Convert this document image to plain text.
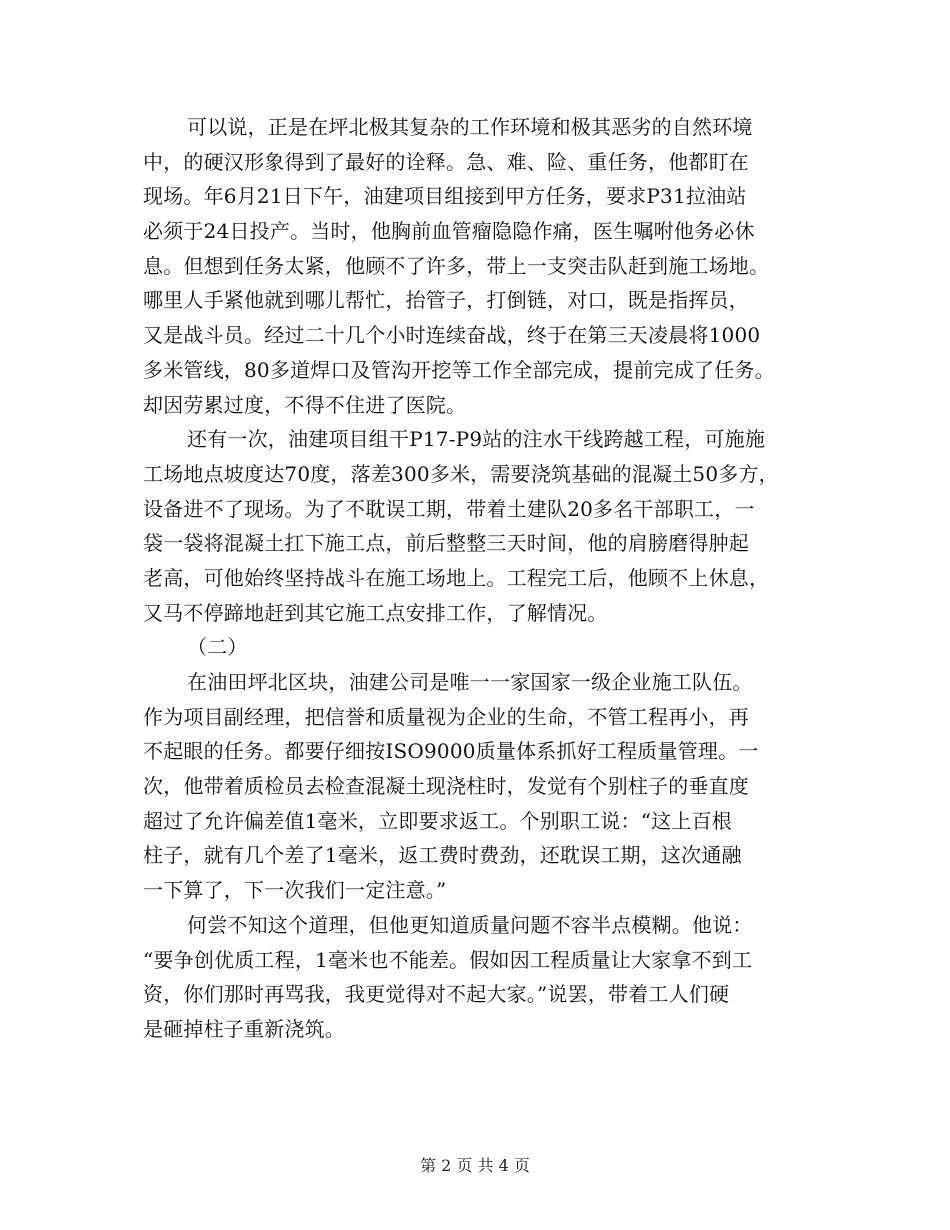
可以说，正是在坪北极其复杂的工作环境和极其恶劣的自然环境
中，的硬汉形象得到了最好的诠释。急、难、险、重任务，他都盯在
现场。年6月21日下午，油建项目组接到甲方任务，要求P31拉油站
必须于24日投产。当时，他胸前血管瘤隐隐作痛，医生嘱咐他务必休
息。但想到任务太紧，他顾不了许多，带上一支突击队赶到施工场地。
哪里人手紧他就到哪儿帮忙，抬管子，打倒链，对口，既是指挥员，
又是战斗员。经过二十几个小时连续奋战，终于在第三天凌晨将1000
多米管线，80多道焊口及管沟开挖等工作全部完成，提前完成了任务。
却因劳累过度，不得不住进了医院。
还有一次，油建项目组干P17-P9站的注水干线跨越工程，可施施
工场地点坡度达70度，落差300多米，需要浇筑基础的混凝土50多方，
设备进不了现场。为了不耽误工期，带着土建队20多名干部职工，一
袋一袋将混凝土扛下施工点，前后整整三天时间，他的肩膀磨得肿起
老高，可他始终坚持战斗在施工场地上。工程完工后，他顾不上休息，
又马不停蹄地赶到其它施工点安排工作，了解情况。
（二）
在油田坪北区块，油建公司是唯一一家国家一级企业施工队伍。
作为项目副经理，把信誉和质量视为企业的生命，不管工程再小，再
不起眼的任务。都要仔细按ISO9000质量体系抓好工程质量管理。一
次，他带着质检员去检查混凝土现浇柱时，发觉有个别柱子的垂直度
超过了允许偏差值1毫米，立即要求返工。个别职工说：“这上百根
柱子，就有几个差了1毫米，返工费时费劲，还耽误工期，这次通融
一下算了，下一次我们一定注意。”
何尝不知这个道理，但他更知道质量问题不容半点模糊。他说：
“要争创优质工程，1毫米也不能差。假如因工程质量让大家拿不到工
资，你们那时再骂我，我更觉得对不起大家。”说罢，带着工人们硬
是砸掉柱子重新浇筑。
第 2 页 共 4 页
